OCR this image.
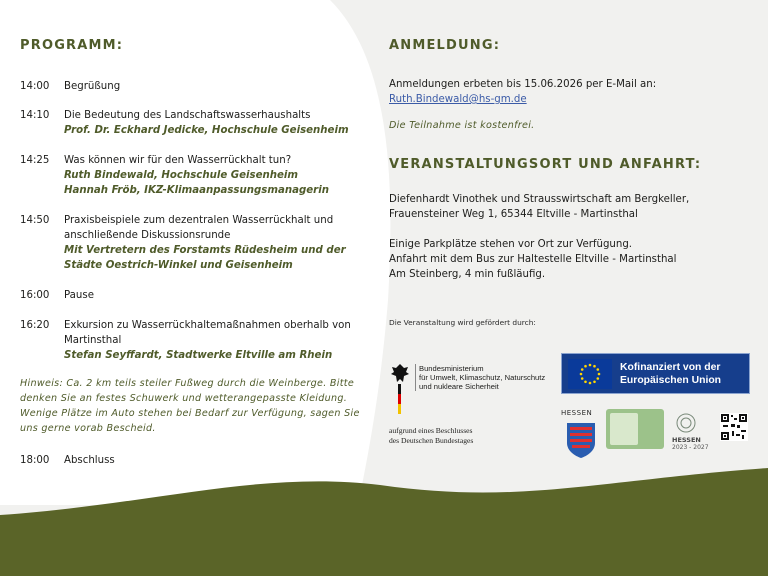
PROGRAMM:
14:00	Begrüßung
14:10	Die Bedeutung des Landschaftswasserhaushalts
Prof. Dr. Eckhard Jedicke, Hochschule Geisenheim
14:25	Was können wir für den Wasserrückhalt tun?
Ruth Bindewald, Hochschule Geisenheim
Hannah Fröb, IKZ-Klimaanpassungsmanagerin
14:50	Praxisbeispiele zum dezentralen Wasserrückhalt und anschließende Diskussionsrunde
Mit Vertretern des Forstamts Rüdesheim und der Städte Oestrich-Winkel und Geisenheim
16:00	Pause
16:20	Exkursion zu Wasserrückhaltemaßnahmen oberhalb von Martinsthal
Stefan Seyffardt, Stadtwerke Eltville am Rhein
Hinweis: Ca. 2 km teils steiler Fußweg durch die Weinberge. Bitte denken Sie an festes Schuwerk und wetterangepasste Kleidung. Wenige Plätze im Auto stehen bei Bedarf zur Verfügung, sagen Sie uns gerne vorab Bescheid.
18:00	Abschluss
ANMELDUNG:
Anmeldungen erbeten bis 15.06.2026 per E-Mail an:
Ruth.Bindewald@hs-gm.de
Die Teilnahme ist kostenfrei.
VERANSTALTUNGSORT UND ANFAHRT:
Diefenhardt Vinothek und Strausswirtschaft am Bergkeller,
Frauensteiner Weg 1, 65344 Eltville - Martinsthal
Einige Parkplätze stehen vor Ort zur Verfügung.
Anfahrt mit dem Bus zur Haltestelle Eltville - Martinsthal
Am Steinberg, 4 min fußläufig.
Die Veranstaltung wird gefördert durch:
Bundesministerium
für Umwelt, Klimaschutz, Naturschutz
und nukleare Sicherheit
aufgrund eines Beschlusses
des Deutschen Bundestages
Kofinanziert von der
Europäischen Union
HESSEN
HESSEN
2023 - 2027
